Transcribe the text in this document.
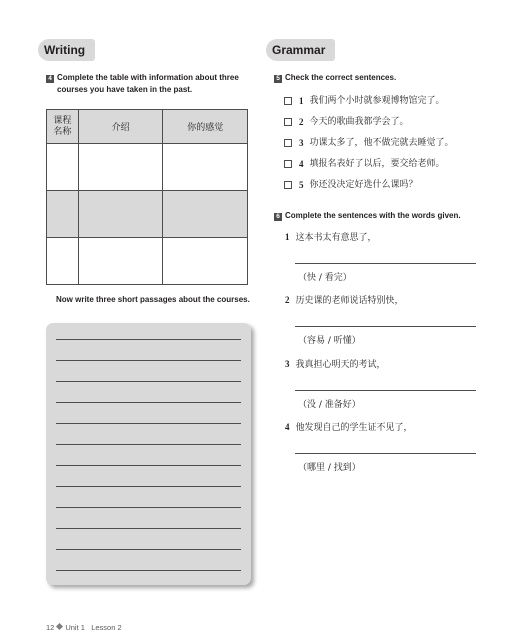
Writing
4 Complete the table with information about three
courses you have taken in the past.
课程
名称	介绍	你的感觉

Now write three short passages about the courses.
Grammar
5 Check the correct sentences.
1 我们两个小时就参观博物馆完了。
2 今天的歌曲我都学会了。
3 功课太多了，他不做完就去睡觉了。
4 填报名表好了以后，要交给老师。
5 你还没决定好选什么课吗？
6 Complete the sentences with the words given.
1 这本书太有意思了，
（快 / 看完）
2 历史课的老师说话特别快，
（容易 / 听懂）
3 我真担心明天的考试，
（没 / 准备好）
4 他发现自己的学生证不见了，
（哪里 / 找到）
12 Unit 1 Lesson 2
